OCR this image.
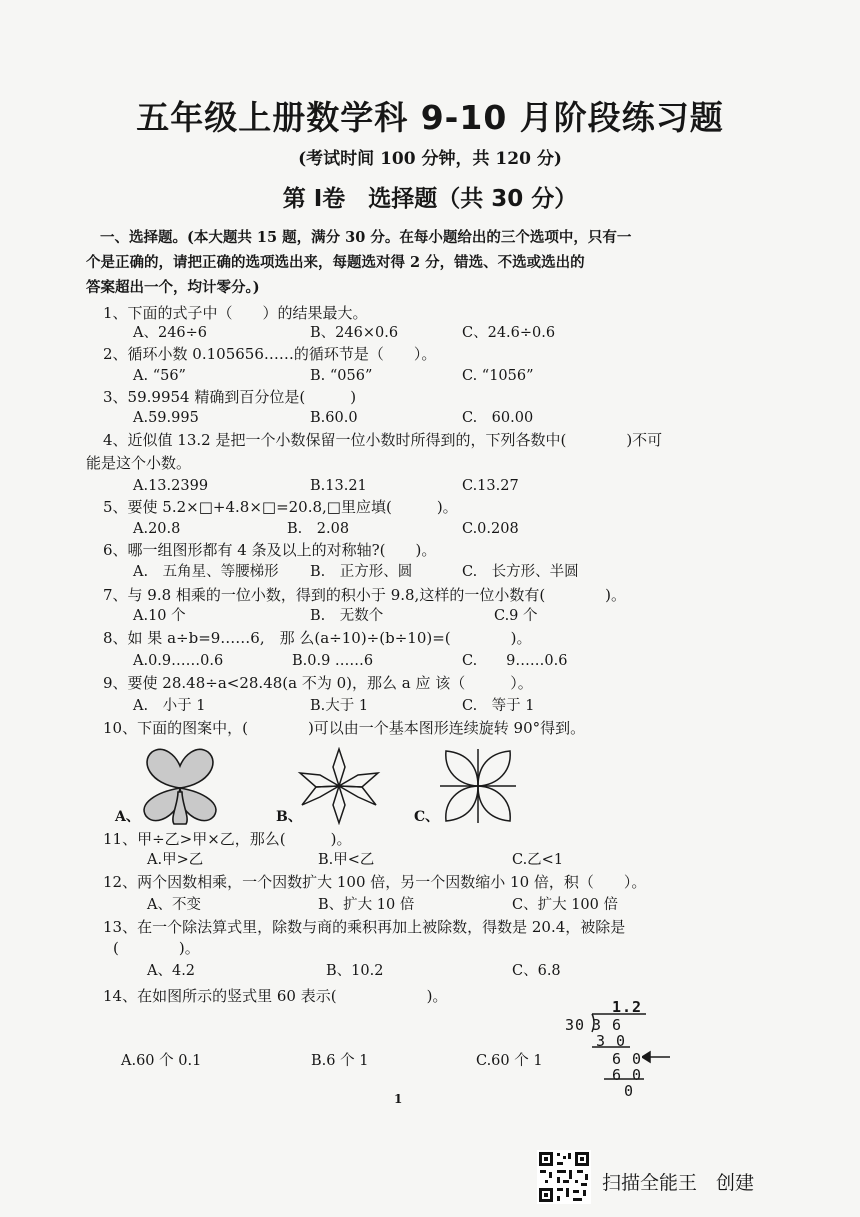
五年级上册数学科 9-10 月阶段练习题
(考试时间 100 分钟，共 120 分)
第 Ⅰ卷　选择题（共 30 分）
一、选择题。(本大题共 15 题，满分 30 分。在每小题给出的三个选项中，只有一
个是正确的，请把正确的选项选出来，每题选对得 2 分，错选、不选或选出的
答案超出一个，均计零分。)
1、下面的式子中（　　）的结果最大。
A、246÷6	B、246×0.6	C、24.6÷0.6
2、循环小数 0.105656……的循环节是（　　）。
A. “56”	B. “056”	C. “1056”
3、59.9954 精确到百分位是(　　　)
A.59.995	B.60.0	C.　60.00
4、近似值 13.2 是把一个小数保留一位小数时所得到的，下列各数中(　　　　)不可
能是这个小数。
A.13.2399	B.13.21	C.13.27
5、要使 5.2×□+4.8×□=20.8,□里应填(　　　)。
A.20.8	B.　2.08	C.0.208
6、哪一组图形都有 4 条及以上的对称轴?(　　)。
A.　五角星、等腰梯形 B.　正方形、圆	C.　长方形、半圆
7、与 9.8 相乘的一位小数，得到的积小于 9.8,这样的一位小数有(　　　　)。
A.10 个	B.　无数个	C.9 个
8、如 果 a÷b=9……6,　那 么(a÷10)÷(b÷10)=(　　　　)。
A.0.9……0.6	B.0.9 ……6	C.　　9……0.6
9、要使 28.48÷a<28.48(a 不为 0)，那么 a 应 该（　　　）。
A.　小于 1	B.大于 1	C.　等于 1
10、下面的图案中，(　　　　)可以由一个基本图形连续旋转 90°得到。
A、	B、	C、
11、甲÷乙>甲×乙，那么(　　　)。
A.甲>乙	B.甲<乙	C.乙<1
12、两个因数相乘，一个因数扩大 100 倍，另一个因数缩小 10 倍，积（　　）。
A、不变	B、扩大 10 倍	C、扩大 100 倍
13、在一个除法算式里，除数与商的乘积再加上被除数，得数是 20.4，被除是
(　　　　)。
A、4.2	B、10.2	C、6.8
14、在如图所示的竖式里 60 表示(　　　　　　)。
A.60 个 0.1	B.6 个 1	C.60 个 1
1.2
30 3 6
3 0
6 0
6 0
0
1
扫描全能王　创建
